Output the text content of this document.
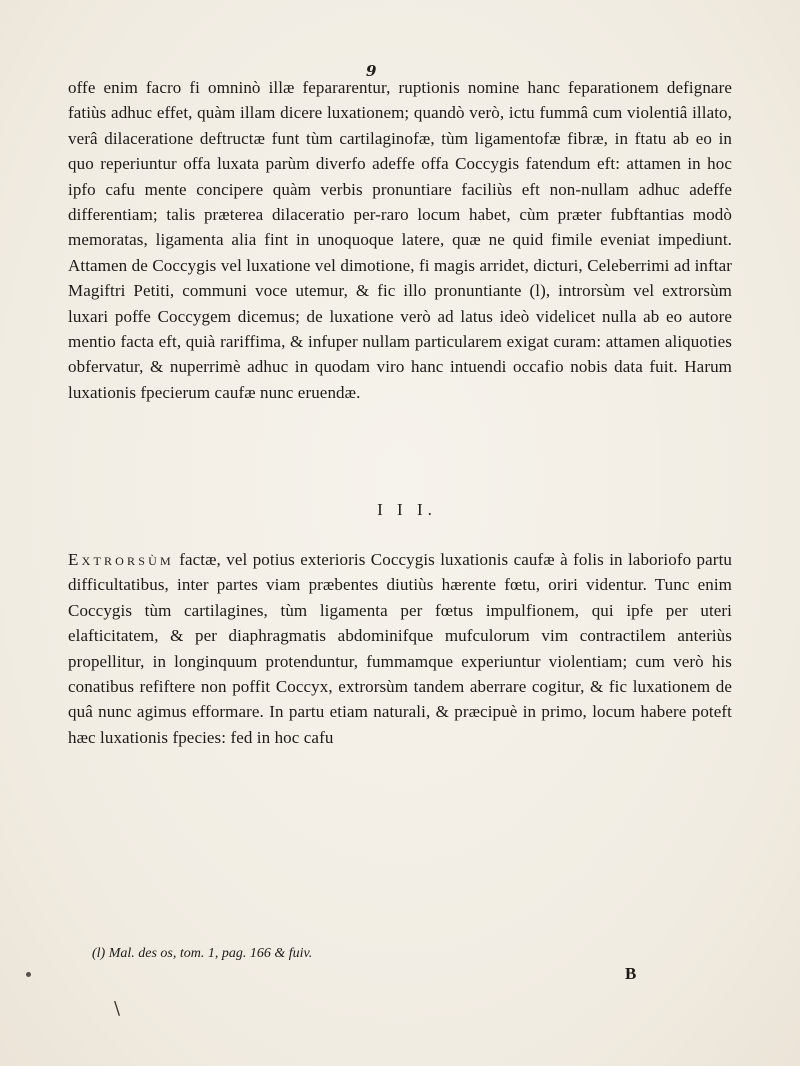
9

offe enim facro fi omninò illæ fepararentur, ruptionis nomine hanc feparationem defignare fatiùs adhuc effet, quàm illam dicere luxationem; quandò verò, ictu fummâ cum violentiâ illato, verâ dilaceratione deftructæ funt tùm cartilaginofæ, tùm ligamentofæ fibræ, in ftatu ab eo in quo reperiuntur offa luxata parùm diverfo adeffe offa Coccygis fatendum eft: attamen in hoc ipfo cafu mente concipere quàm verbis pronuntiare faciliùs eft non-nullam adhuc adeffe differentiam; talis præterea dilaceratio per-raro locum habet, cùm præter fubftantias modò memoratas, ligamenta alia fint in unoquoque latere, quæ ne quid fimile eveniat impediunt. Attamen de Coccygis vel luxatione vel dimotione, fi magis arridet, dicturi, Celeberrimi ad inftar Magiftri Petiti, communi voce utemur, & fic illo pronuntiante (l), introrsùm vel extrorsùm luxari poffe Coccygem dicemus; de luxatione verò ad latus ideò videlicet nulla ab eo autore mentio facta eft, quià rariffima, & infuper nullam particularem exigat curam: attamen aliquoties obfervatur, & nuperrimè adhuc in quodam viro hanc intuendi occafio nobis data fuit. Harum luxationis fpecierum caufæ nunc eruendæ.

I I I.

Extrorsùm factæ, vel potius exterioris Coccygis luxationis caufæ à folis in laboriofo partu difficultatibus, inter partes viam præbentes diutiùs hærente fœtu, oriri videntur. Tunc enim Coccygis tùm cartilagines, tùm ligamenta per fœtus impulfionem, qui ipfe per uteri elafticitatem, & per diaphragmatis abdominifque mufculorum vim contractilem anteriùs propellitur, in longinquum protenduntur, fummamque experiuntur violentiam; cum verò his conatibus refiftere non poffit Coccyx, extrorsùm tandem aberrare cogitur, & fic luxationem de quâ nunc agimus efformare. In partu etiam naturali, & præcipuè in primo, locum habere poteft hæc luxationis fpecies: fed in hoc cafu

(l) Mal. des os, tom. 1, pag. 166 & fuiv.
B
\
